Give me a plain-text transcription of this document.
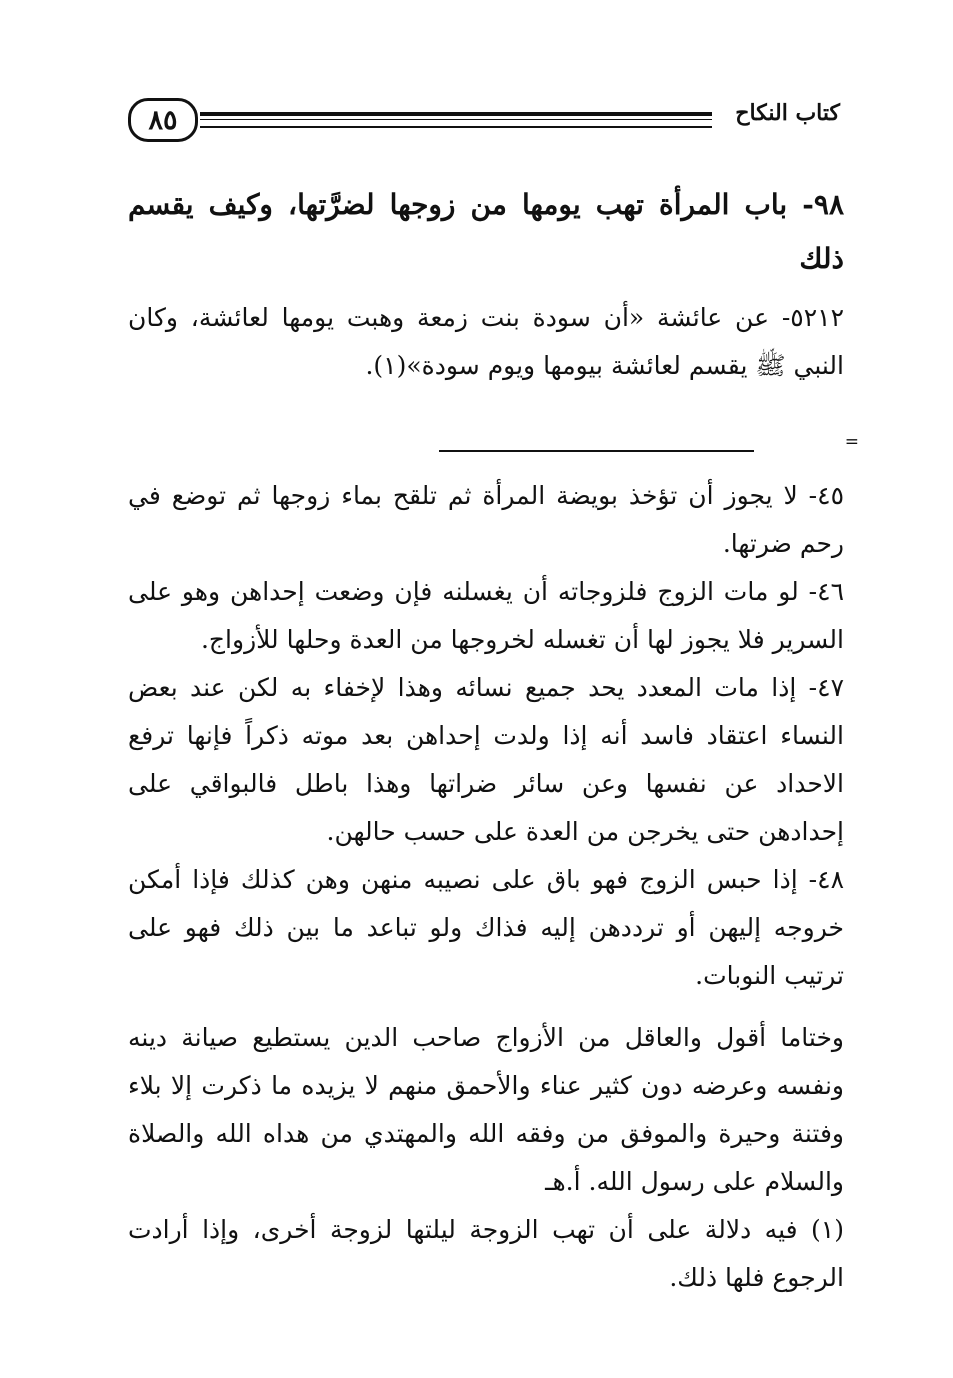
٨٥	كتاب النكاح
=
٩٨- باب المرأة تهب يومها من زوجها لضرَّتها، وكيف يقسم ذلك

٥٢١٢- عن عائشة «أن سودة بنت زمعة وهبت يومها لعائشة، وكان النبي ﷺ يقسم لعائشة بيومها ويوم سودة»(١).

٤٥- لا يجوز أن تؤخذ بويضة المرأة ثم تلقح بماء زوجها ثم توضع في رحم ضرتها.

٤٦- لو مات الزوج فلزوجاته أن يغسلنه فإن وضعت إحداهن وهو على السرير فلا يجوز لها أن تغسله لخروجها من العدة وحلها للأزواج.

٤٧- إذا مات المعدد يحد جميع نسائه وهذا لإخفاء به لكن عند بعض النساء اعتقاد فاسد أنه إذا ولدت إحداهن بعد موته ذكراً فإنها ترفع الاحداد عن نفسها وعن سائر ضراتها وهذا باطل فالبواقي على إحدادهن حتى يخرجن من العدة على حسب حالهن.

٤٨- إذا حبس الزوج فهو باق على نصيبه منهن وهن كذلك فإذا أمكن خروجه إليهن أو ترددهن إليه فذاك ولو تباعد ما بين ذلك فهو على ترتيب النوبات.

وختاما أقول والعاقل من الأزواج صاحب الدين يستطيع صيانة دينه ونفسه وعرضه دون كثير عناء والأحمق منهم لا يزيده ما ذكرت إلا بلاء وفتنة وحيرة والموفق من وفقه الله والمهتدي من هداه الله والصلاة والسلام على رسول الله. أ.هـ

(١) فيه دلالة على أن تهب الزوجة ليلتها لزوجة أخرى، وإذا أرادت الرجوع فلها ذلك.
